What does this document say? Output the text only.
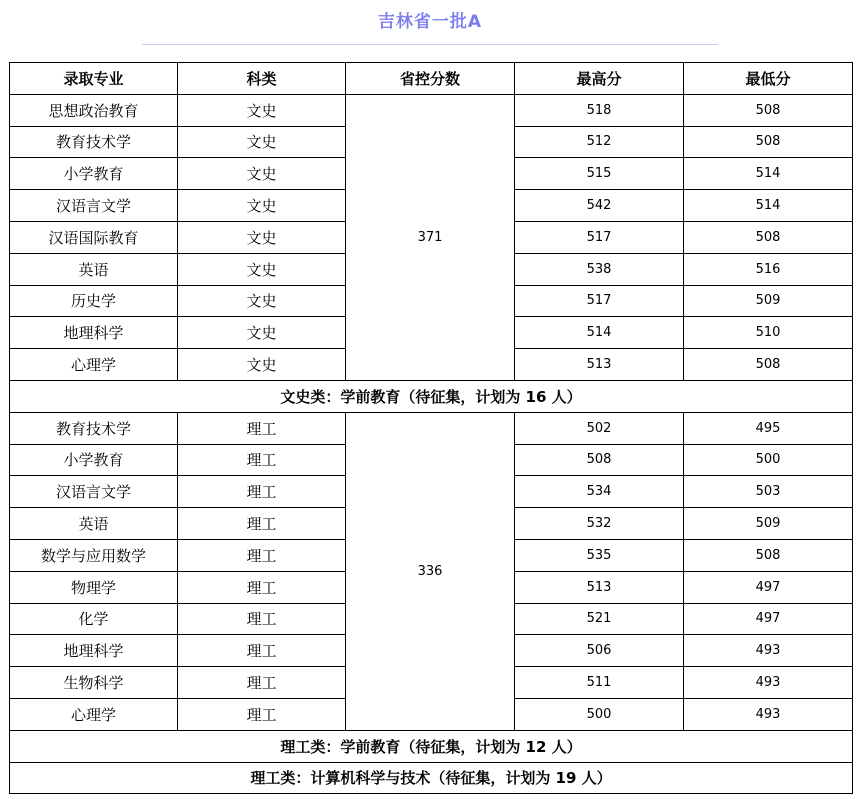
吉林省一批A
录取专业	科类	省控分数	最高分	最低分
思想政治教育	文史	371	518	508
教育技术学	文史		512	508
小学教育	文史		515	514
汉语言文学	文史		542	514
汉语国际教育	文史		517	508
英语	文史		538	516
历史学	文史		517	509
地理科学	文史		514	510
心理学	文史		513	508
文史类：学前教育（待征集，计划为 16 人）				
教育技术学	理工	336	502	495
小学教育	理工		508	500
汉语言文学	理工		534	503
英语	理工		532	509
数学与应用数学	理工		535	508
物理学	理工		513	497
化学	理工		521	497
地理科学	理工		506	493
生物科学	理工		511	493
心理学	理工		500	493
理工类：学前教育（待征集，计划为 12 人）				
理工类：计算机科学与技术（待征集，计划为 19 人）				
